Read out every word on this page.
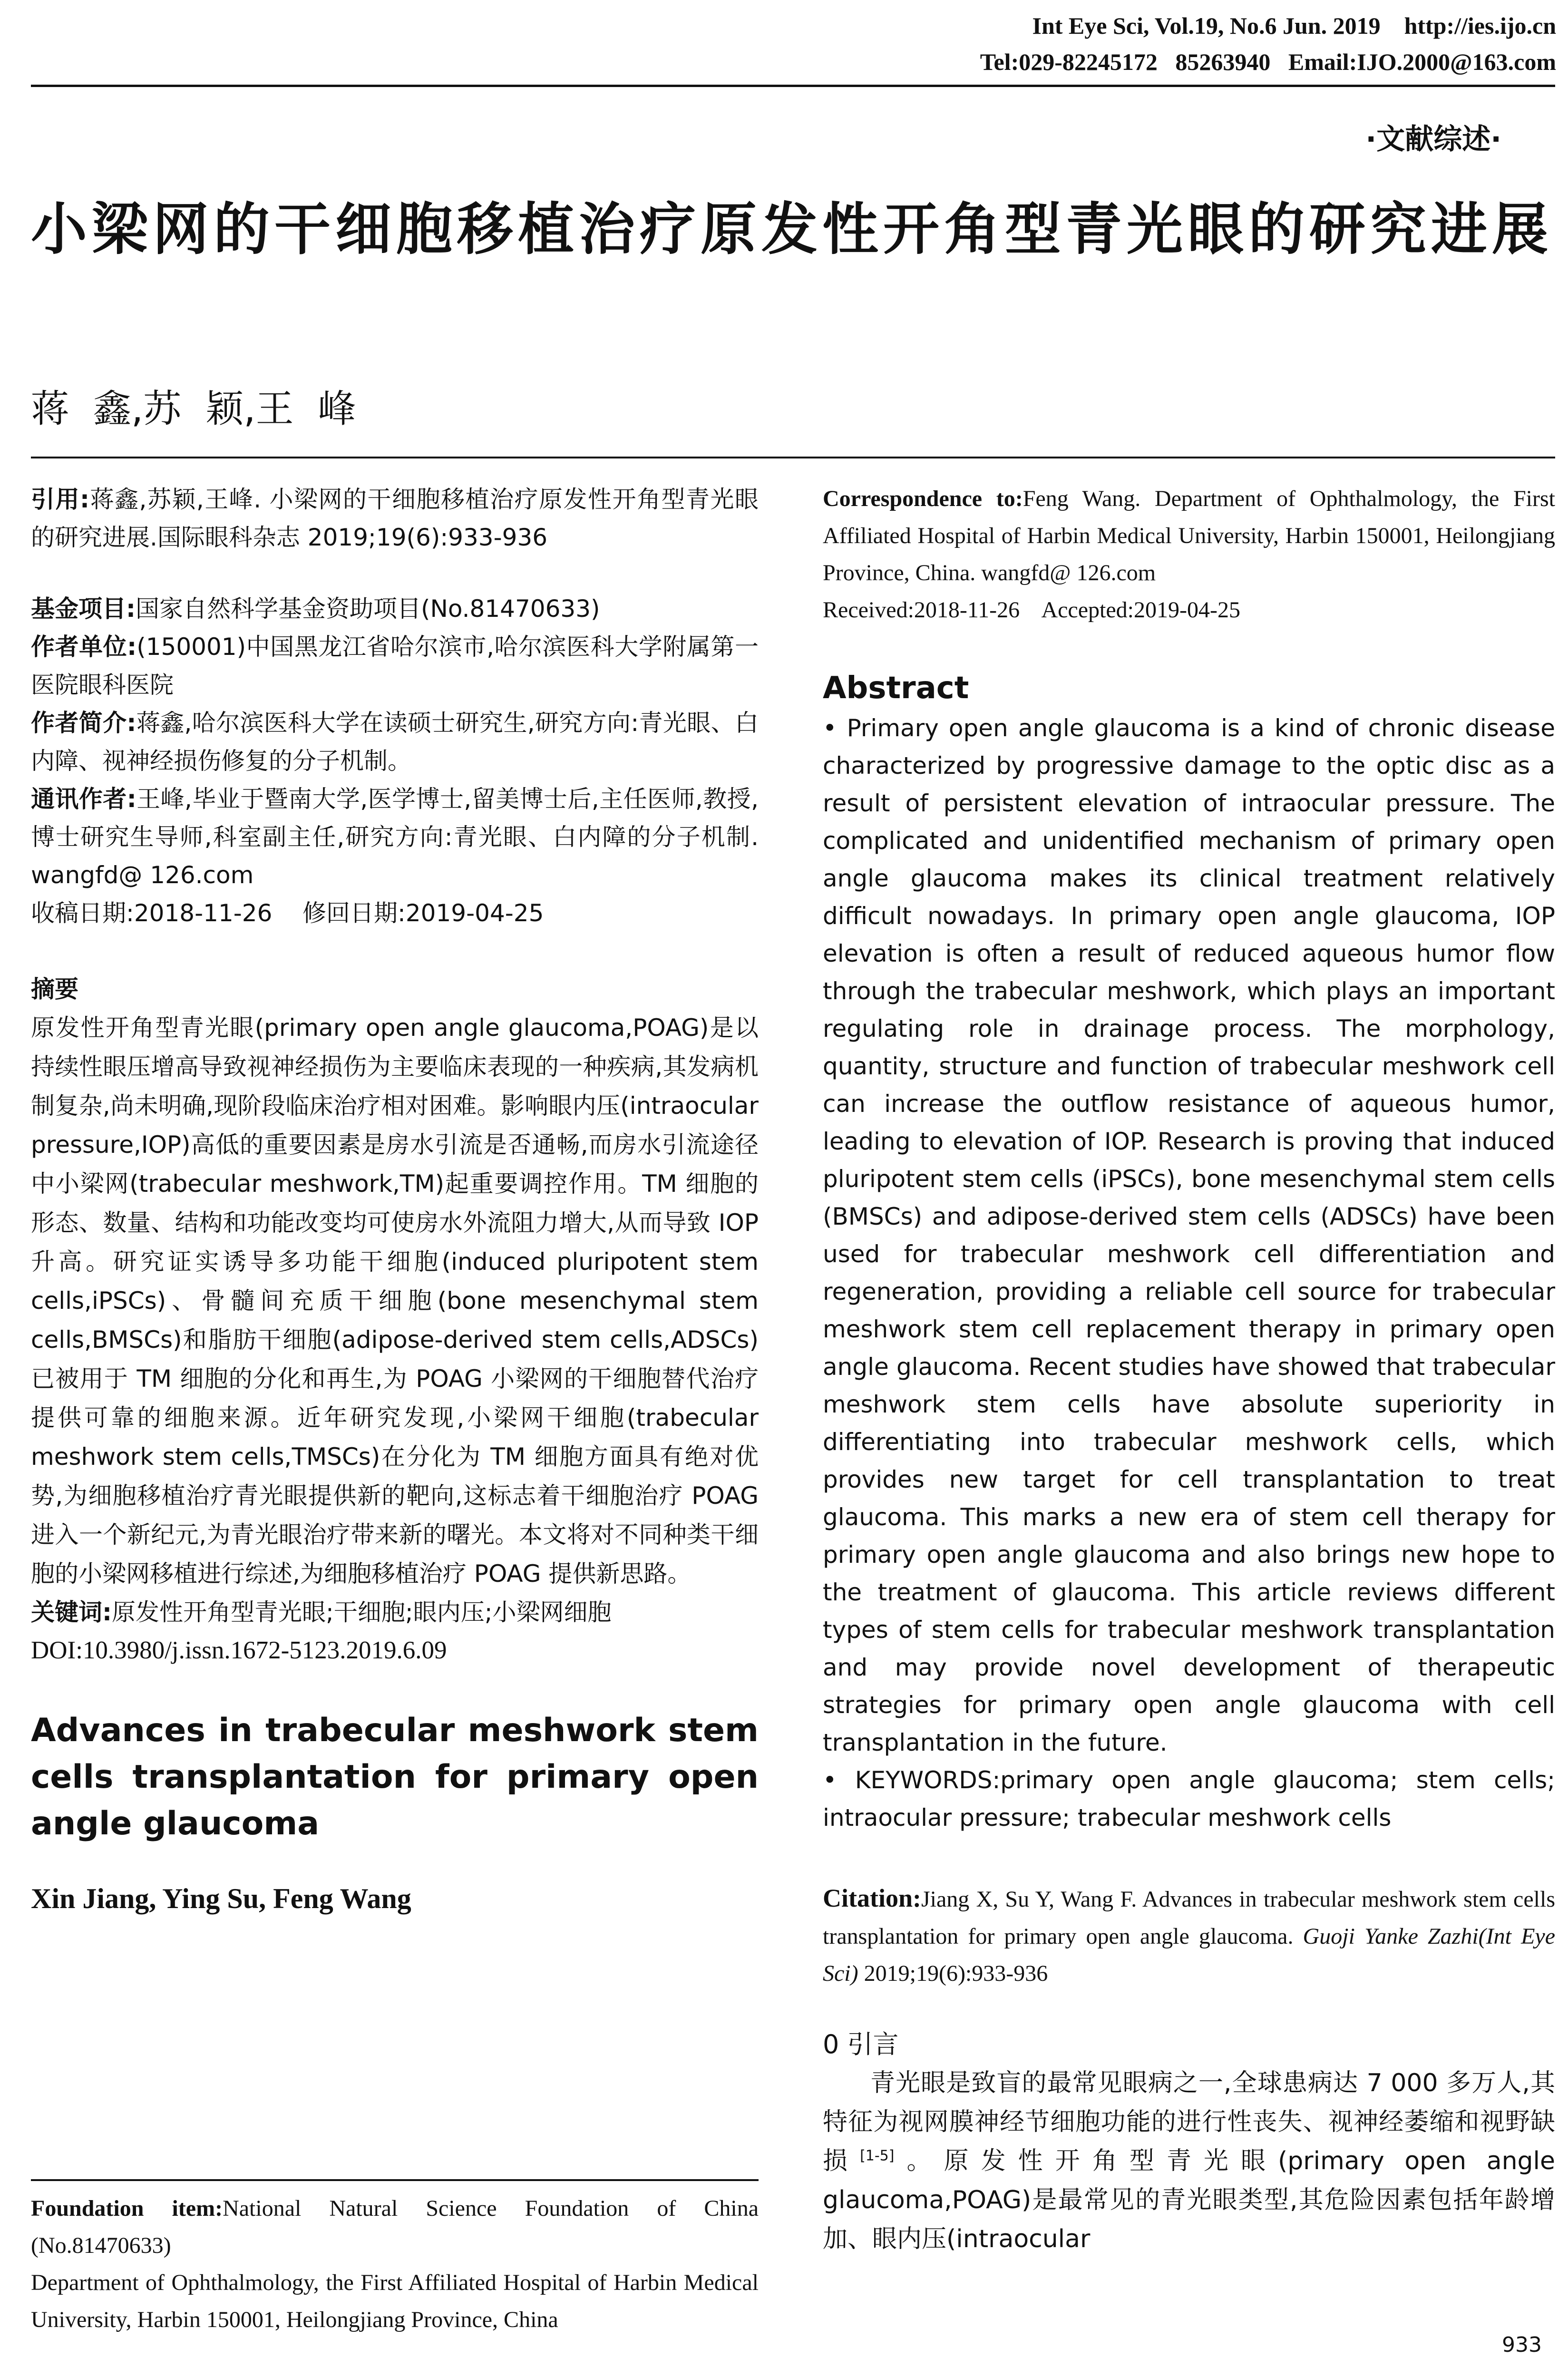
Int Eye Sci, Vol.19, No.6 Jun. 2019    http://ies.ijo.cn
Tel:029-82245172   85263940   Email:IJO.2000@163.com
·文献综述·
小梁网的干细胞移植治疗原发性开角型青光眼的研究进展
蒋  鑫,苏  颖,王  峰

引用:蒋鑫,苏颖,王峰. 小梁网的干细胞移植治疗原发性开角型青光眼的研究进展.国际眼科杂志 2019;19(6):933-936

基金项目:国家自然科学基金资助项目(No.81470633)

作者单位:(150001)中国黑龙江省哈尔滨市,哈尔滨医科大学附属第一医院眼科医院

作者简介:蒋鑫,哈尔滨医科大学在读硕士研究生,研究方向:青光眼、白内障、视神经损伤修复的分子机制。

通讯作者:王峰,毕业于暨南大学,医学博士,留美博士后,主任医师,教授,博士研究生导师,科室副主任,研究方向:青光眼、白内障的分子机制. wangfd@ 126.com

收稿日期:2018-11-26    修回日期:2019-04-25

摘要

原发性开角型青光眼(primary open angle glaucoma,POAG)是以持续性眼压增高导致视神经损伤为主要临床表现的一种疾病,其发病机制复杂,尚未明确,现阶段临床治疗相对困难。影响眼内压(intraocular pressure,IOP)高低的重要因素是房水引流是否通畅,而房水引流途径中小梁网(trabecular meshwork,TM)起重要调控作用。TM 细胞的形态、数量、结构和功能改变均可使房水外流阻力增大,从而导致 IOP 升高。研究证实诱导多功能干细胞(induced pluripotent stem cells,iPSCs)、骨髓间充质干细胞(bone mesenchymal stem cells,BMSCs)和脂肪干细胞(adipose-derived stem cells,ADSCs)已被用于 TM 细胞的分化和再生,为 POAG 小梁网的干细胞替代治疗提供可靠的细胞来源。近年研究发现,小梁网干细胞(trabecular meshwork stem cells,TMSCs)在分化为 TM 细胞方面具有绝对优势,为细胞移植治疗青光眼提供新的靶向,这标志着干细胞治疗 POAG 进入一个新纪元,为青光眼治疗带来新的曙光。本文将对不同种类干细胞的小梁网移植进行综述,为细胞移植治疗 POAG 提供新思路。

关键词:原发性开角型青光眼;干细胞;眼内压;小梁网细胞

DOI:10.3980/j.issn.1672-5123.2019.6.09

Advances in trabecular meshwork stem cells transplantation for primary open angle glaucoma

Xin Jiang, Ying Su, Feng Wang

Foundation item:National Natural Science Foundation of China (No.81470633)

Department of Ophthalmology, the First Affiliated Hospital of Harbin Medical University, Harbin 150001, Heilongjiang Province, China

Correspondence to:Feng Wang. Department of Ophthalmology, the First Affiliated Hospital of Harbin Medical University, Harbin 150001, Heilongjiang Province, China. wangfd@ 126.com

Received:2018-11-26    Accepted:2019-04-25

Abstract

• Primary open angle glaucoma is a kind of chronic disease characterized by progressive damage to the optic disc as a result of persistent elevation of intraocular pressure. The complicated and unidentified mechanism of primary open angle glaucoma makes its clinical treatment relatively difficult nowadays. In primary open angle glaucoma, IOP elevation is often a result of reduced aqueous humor flow through the trabecular meshwork, which plays an important regulating role in drainage process. The morphology, quantity, structure and function of trabecular meshwork cell can increase the outflow resistance of aqueous humor, leading to elevation of IOP. Research is proving that induced pluripotent stem cells (iPSCs), bone mesenchymal stem cells (BMSCs) and adipose-derived stem cells (ADSCs) have been used for trabecular meshwork cell differentiation and regeneration, providing a reliable cell source for trabecular meshwork stem cell replacement therapy in primary open angle glaucoma. Recent studies have showed that trabecular meshwork stem cells have absolute superiority in differentiating into trabecular meshwork cells, which provides new target for cell transplantation to treat glaucoma. This marks a new era of stem cell therapy for primary open angle glaucoma and also brings new hope to the treatment of glaucoma. This article reviews different types of stem cells for trabecular meshwork transplantation and may provide novel development of therapeutic strategies for primary open angle glaucoma with cell transplantation in the future.

• KEYWORDS:primary open angle glaucoma; stem cells; intraocular pressure; trabecular meshwork cells

Citation:Jiang X, Su Y, Wang F. Advances in trabecular meshwork stem cells transplantation for primary open angle glaucoma. Guoji Yanke Zazhi(Int Eye Sci) 2019;19(6):933-936

0 引言

青光眼是致盲的最常见眼病之一,全球患病达 7 000 多万人,其特征为视网膜神经节细胞功能的进行性丧失、视神经萎缩和视野缺损[1-5]。原发性开角型青光眼(primary open angle glaucoma,POAG)是最常见的青光眼类型,其危险因素包括年龄增加、眼内压(intraocular

933
